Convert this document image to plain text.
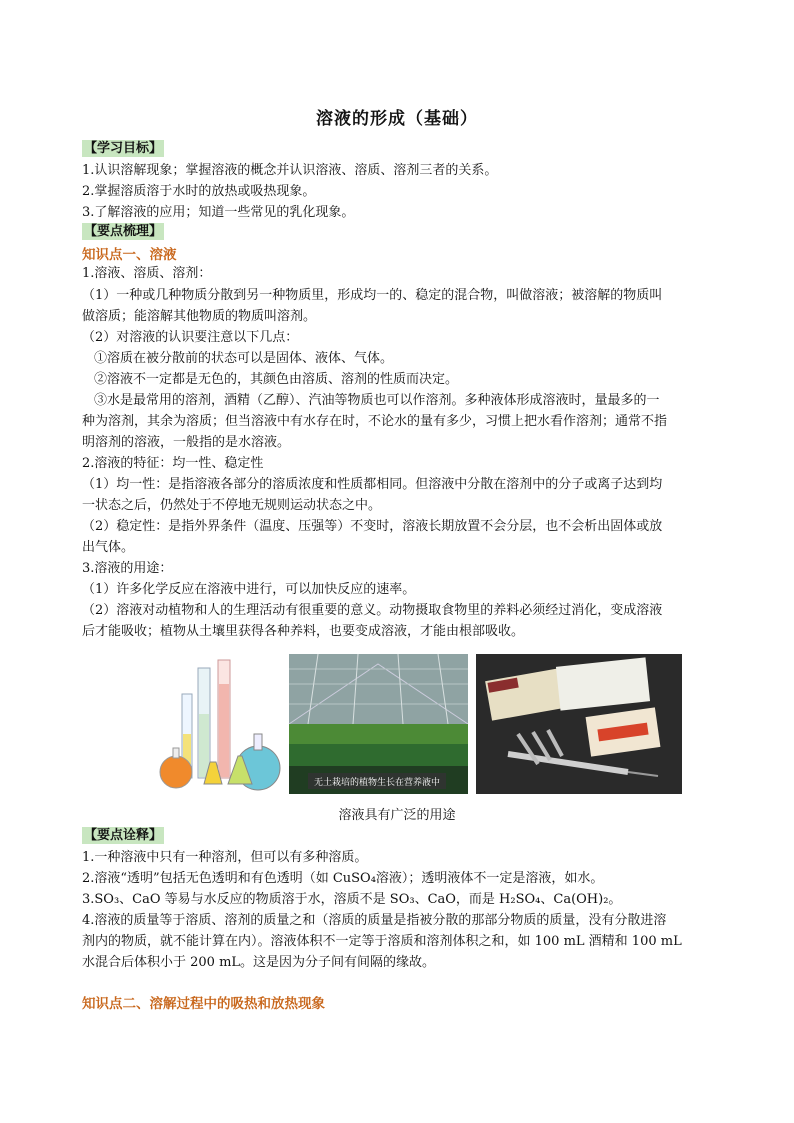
溶液的形成（基础）
【学习目标】
1.认识溶解现象；掌握溶液的概念并认识溶液、溶质、溶剂三者的关系。
2.掌握溶质溶于水时的放热或吸热现象。
3.了解溶液的应用；知道一些常见的乳化现象。
【要点梳理】
知识点一、溶液
1.溶液、溶质、溶剂：
（1）一种或几种物质分散到另一种物质里，形成均一的、稳定的混合物，叫做溶液；被溶解的物质叫
做溶质；能溶解其他物质的物质叫溶剂。
（2）对溶液的认识要注意以下几点：
①溶质在被分散前的状态可以是固体、液体、气体。
②溶液不一定都是无色的，其颜色由溶质、溶剂的性质而决定。
③水是最常用的溶剂，酒精（乙醇）、汽油等物质也可以作溶剂。多种液体形成溶液时，量最多的一
种为溶剂，其余为溶质；但当溶液中有水存在时，不论水的量有多少，习惯上把水看作溶剂；通常不指
明溶剂的溶液，一般指的是水溶液。
2.溶液的特征：均一性、稳定性
（1）均一性：是指溶液各部分的溶质浓度和性质都相同。但溶液中分散在溶剂中的分子或离子达到均
一状态之后，仍然处于不停地无规则运动状态之中。
（2）稳定性：是指外界条件（温度、压强等）不变时，溶液长期放置不会分层，也不会析出固体或放
出气体。
3.溶液的用途：
（1）许多化学反应在溶液中进行，可以加快反应的速率。
（2）溶液对动植物和人的生理活动有很重要的意义。动物摄取食物里的养料必须经过消化，变成溶液
后才能吸收；植物从土壤里获得各种养料，也要变成溶液，才能由根部吸收。
无土栽培的植物生长在营养液中
溶液具有广泛的用途
【要点诠释】
1.一种溶液中只有一种溶剂，但可以有多种溶质。
2.溶液“透明”包括无色透明和有色透明（如 CuSO₄溶液）；透明液体不一定是溶液，如水。
3.SO₃、CaO 等易与水反应的物质溶于水，溶质不是 SO₃、CaO，而是 H₂SO₄、Ca(OH)₂。
4.溶液的质量等于溶质、溶剂的质量之和（溶质的质量是指被分散的那部分物质的质量，没有分散进溶
剂内的物质，就不能计算在内）。溶液体积不一定等于溶质和溶剂体积之和，如 100 mL 酒精和 100 mL
水混合后体积小于 200 mL。这是因为分子间有间隔的缘故。
知识点二、溶解过程中的吸热和放热现象
